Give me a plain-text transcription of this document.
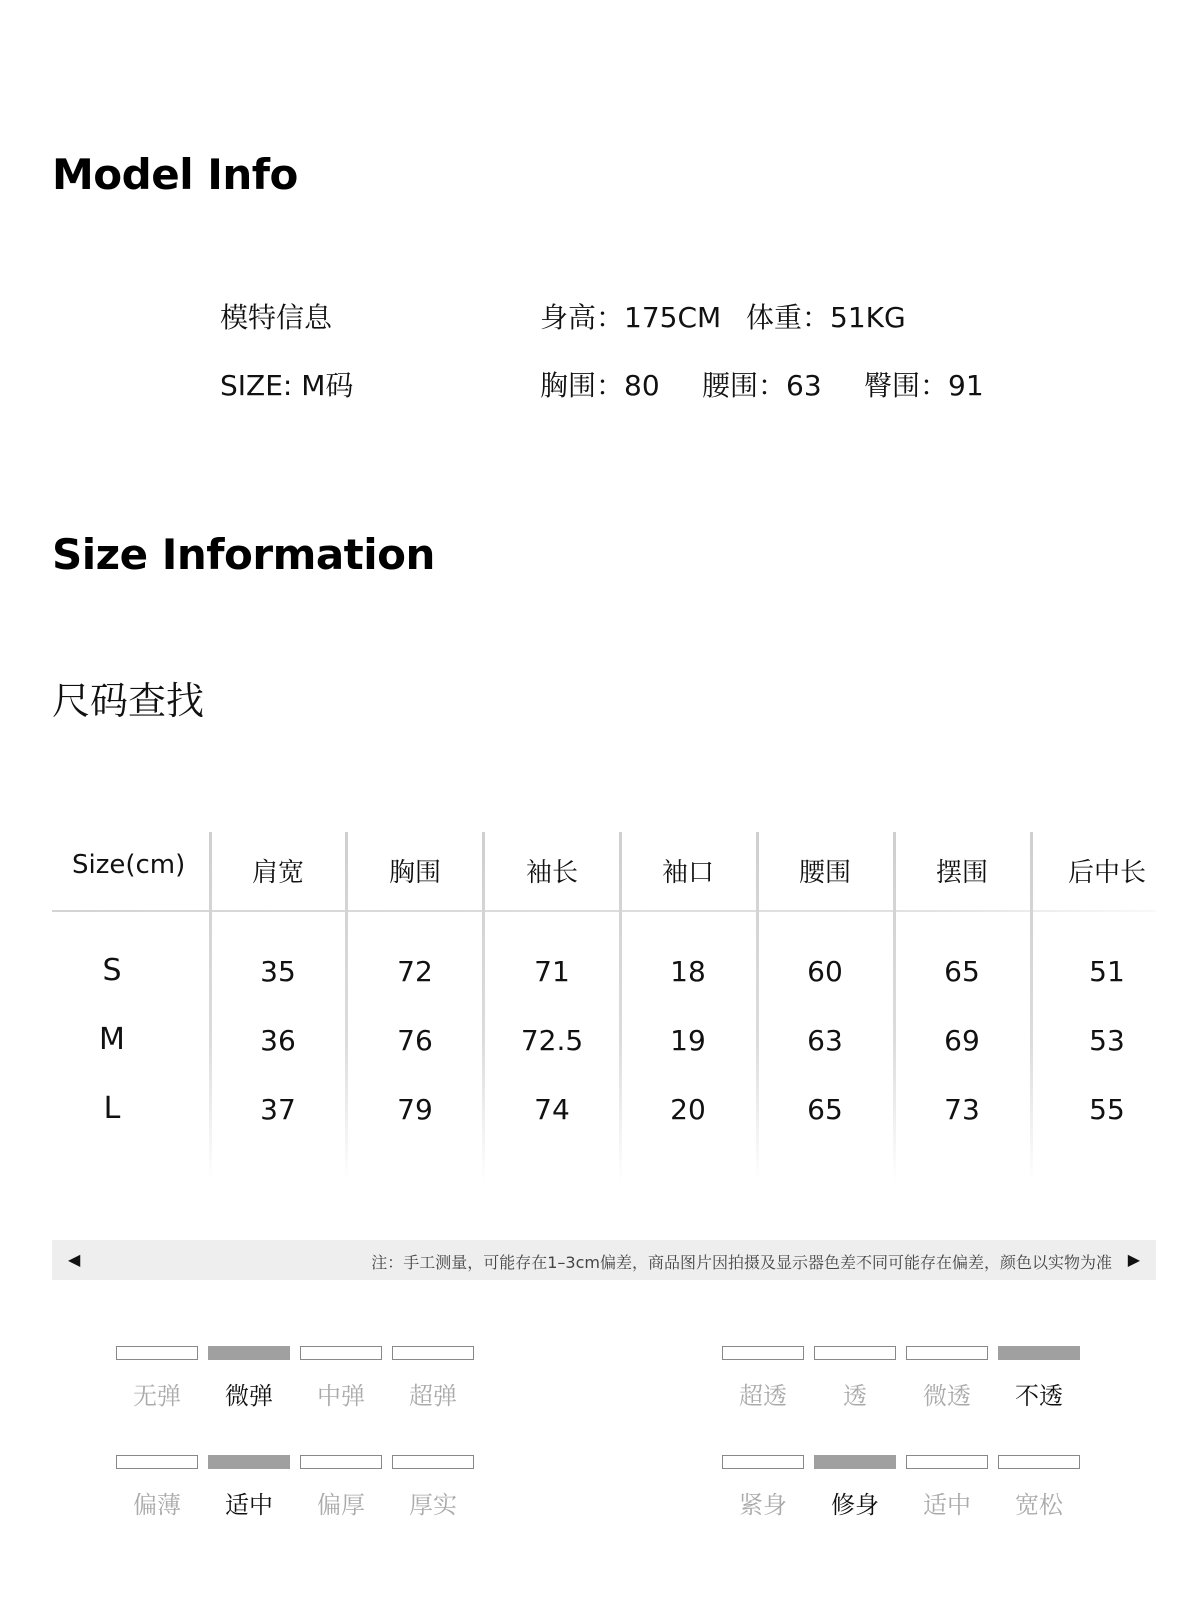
Model Info
模特信息	身高：175CM 体重：51KG
SIZE: M码	胸围：80 腰围：63 臀围：91
Size Information
尺码查找
Size(cm)	肩宽	胸围	袖长	袖口	腰围	摆围	后中长
S	35	72	71	18	60	65	51
M	36	76	72.5	19	63	69	53
L	37	79	74	20	65	73	55
◀	注：手工测量，可能存在1–3cm偏差，商品图片因拍摄及显示器色差不同可能存在偏差，颜色以实物为准 ▶
无弹	微弹	中弹	超弹	超透	透	微透	不透
偏薄	适中	偏厚	厚实	紧身	修身	适中	宽松
